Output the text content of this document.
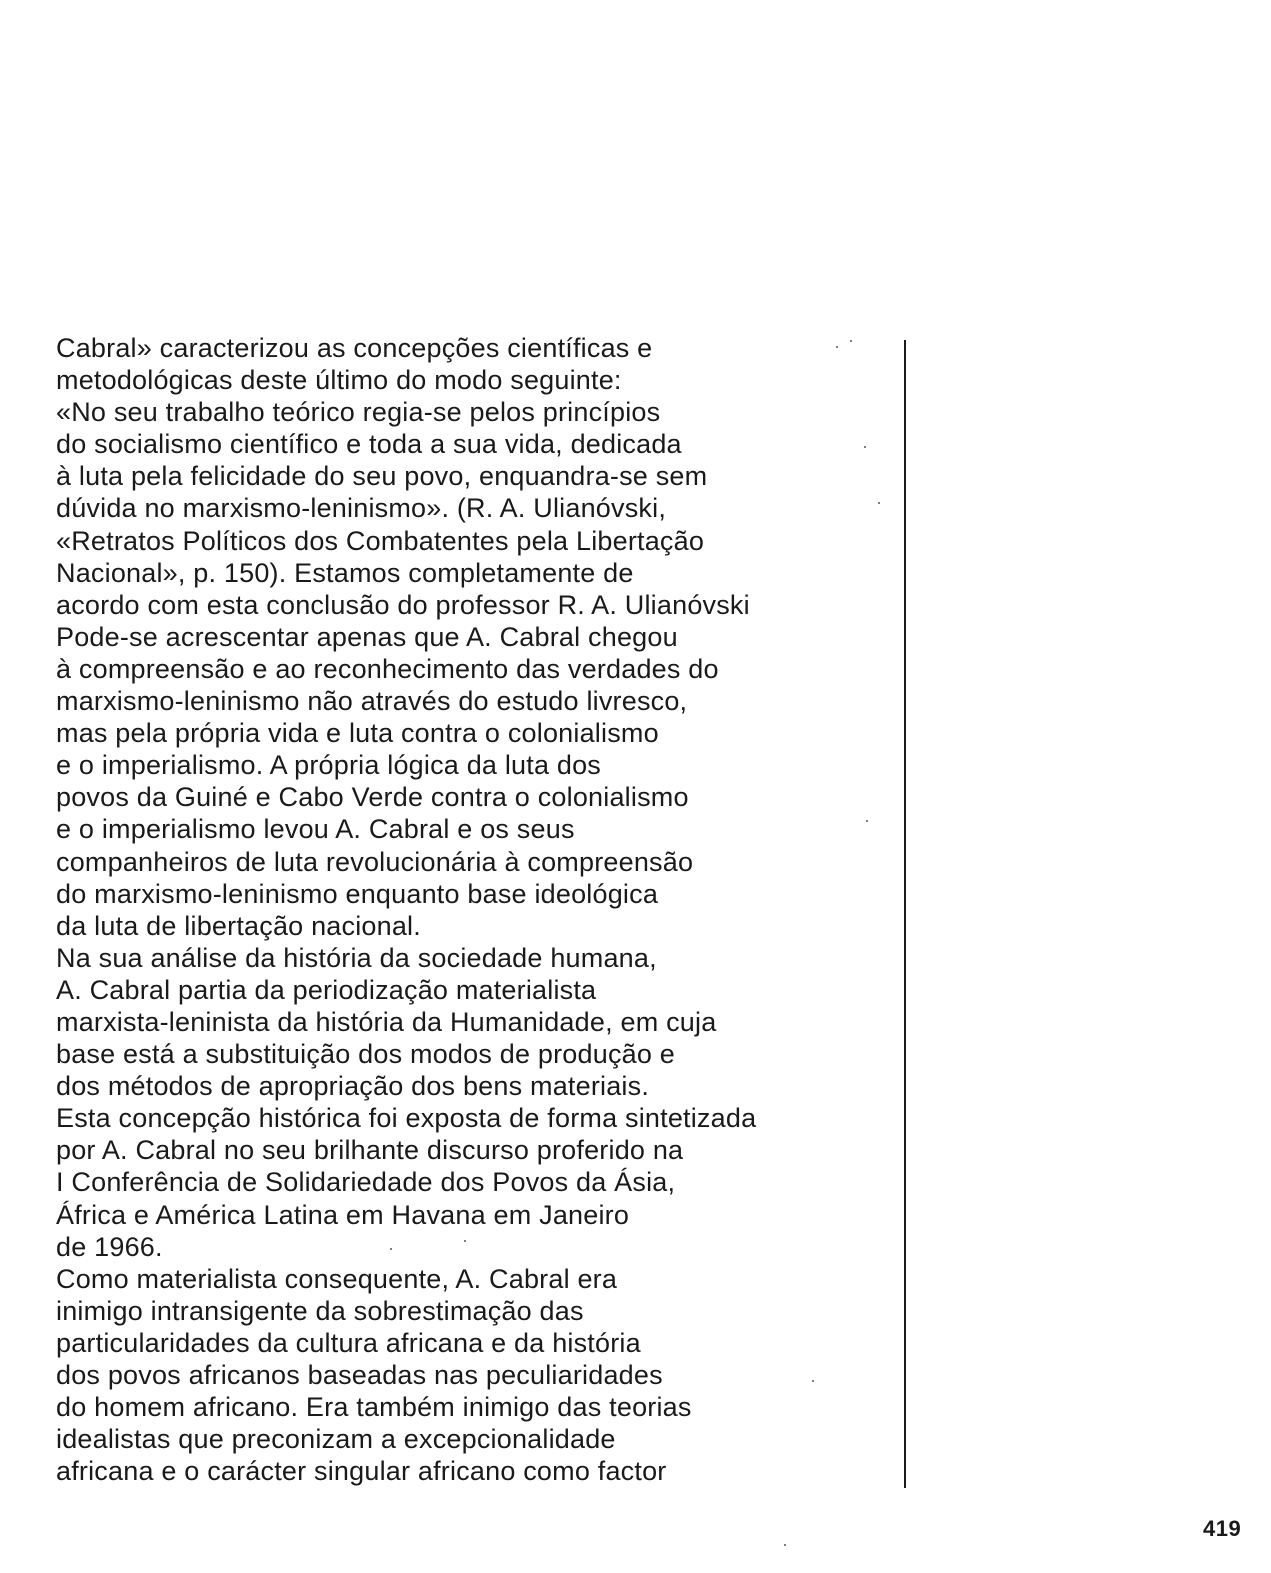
Cabral» caracterizou as concepções científicas e
metodológicas deste último do modo seguinte:
«No seu trabalho teórico regia-se pelos princípios
do socialismo científico e toda a sua vida, dedicada
à luta pela felicidade do seu povo, enquandra-se sem
dúvida no marxismo-leninismo». (R. A. Ulianóvski,
«Retratos Políticos dos Combatentes pela Libertação
Nacional», p. 150). Estamos completamente de
acordo com esta conclusão do professor R. A. Ulianóvski
Pode-se acrescentar apenas que A. Cabral chegou
à compreensão e ao reconhecimento das verdades do
marxismo-leninismo não através do estudo livresco,
mas pela própria vida e luta contra o colonialismo
e o imperialismo. A própria lógica da luta dos
povos da Guiné e Cabo Verde contra o colonialismo
e o imperialismo levou A. Cabral e os seus
companheiros de luta revolucionária à compreensão
do marxismo-leninismo enquanto base ideológica
da luta de libertação nacional.
Na sua análise da história da sociedade humana,
A. Cabral partia da periodização materialista
marxista-leninista da história da Humanidade, em cuja
base está a substituição dos modos de produção e
dos métodos de apropriação dos bens materiais.
Esta concepção histórica foi exposta de forma sintetizada
por A. Cabral no seu brilhante discurso proferido na
I Conferência de Solidariedade dos Povos da Ásia,
África e América Latina em Havana em Janeiro
de 1966.
Como materialista consequente, A. Cabral era
inimigo intransigente da sobrestimação das
particularidades da cultura africana e da história
dos povos africanos baseadas nas peculiaridades
do homem africano. Era também inimigo das teorias
idealistas que preconizam a excepcionalidade
africana e o carácter singular africano como factor
419
